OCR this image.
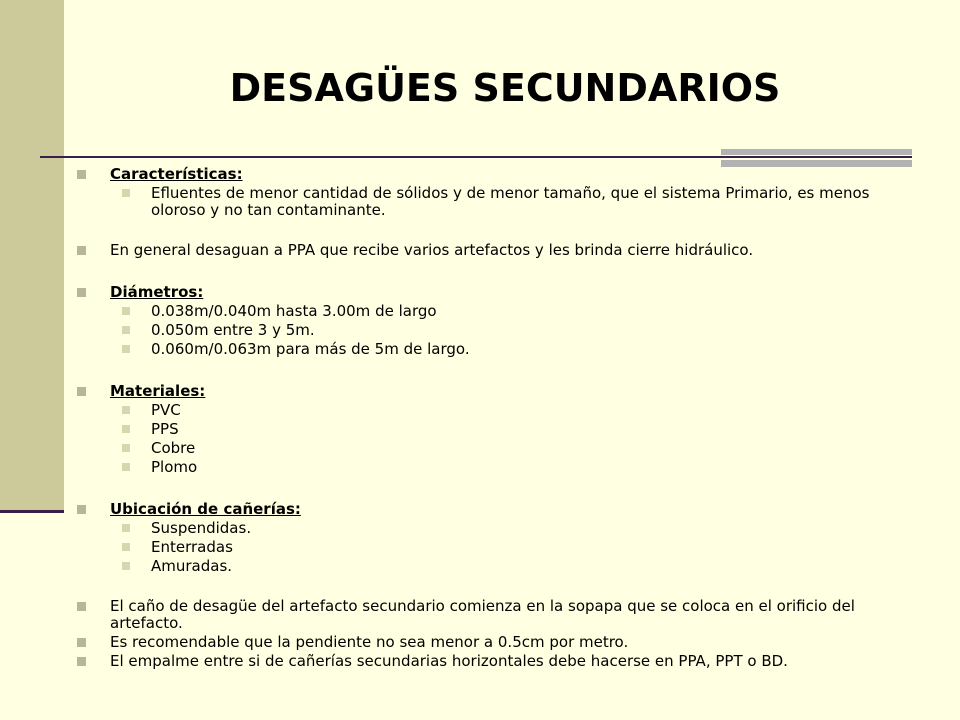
DESAGÜES SECUNDARIOS
Características:
Efluentes de menor cantidad de sólidos y de menor tamaño, que el sistema Primario, es menos oloroso y no tan contaminante.
En general desaguan a PPA que recibe varios artefactos y les brinda cierre hidráulico.
Diámetros:
0.038m/0.040m hasta 3.00m de largo
0.050m entre 3 y 5m.
0.060m/0.063m para más de 5m de largo.
Materiales:
PVC
PPS
Cobre
Plomo
Ubicación de cañerías:
Suspendidas.
Enterradas
Amuradas.
El caño de desagüe del artefacto secundario comienza en la sopapa que se coloca en el orificio del artefacto.
Es recomendable que la pendiente no sea menor a 0.5cm por metro.
El empalme entre si de cañerías secundarias horizontales debe hacerse en PPA, PPT o BD.
